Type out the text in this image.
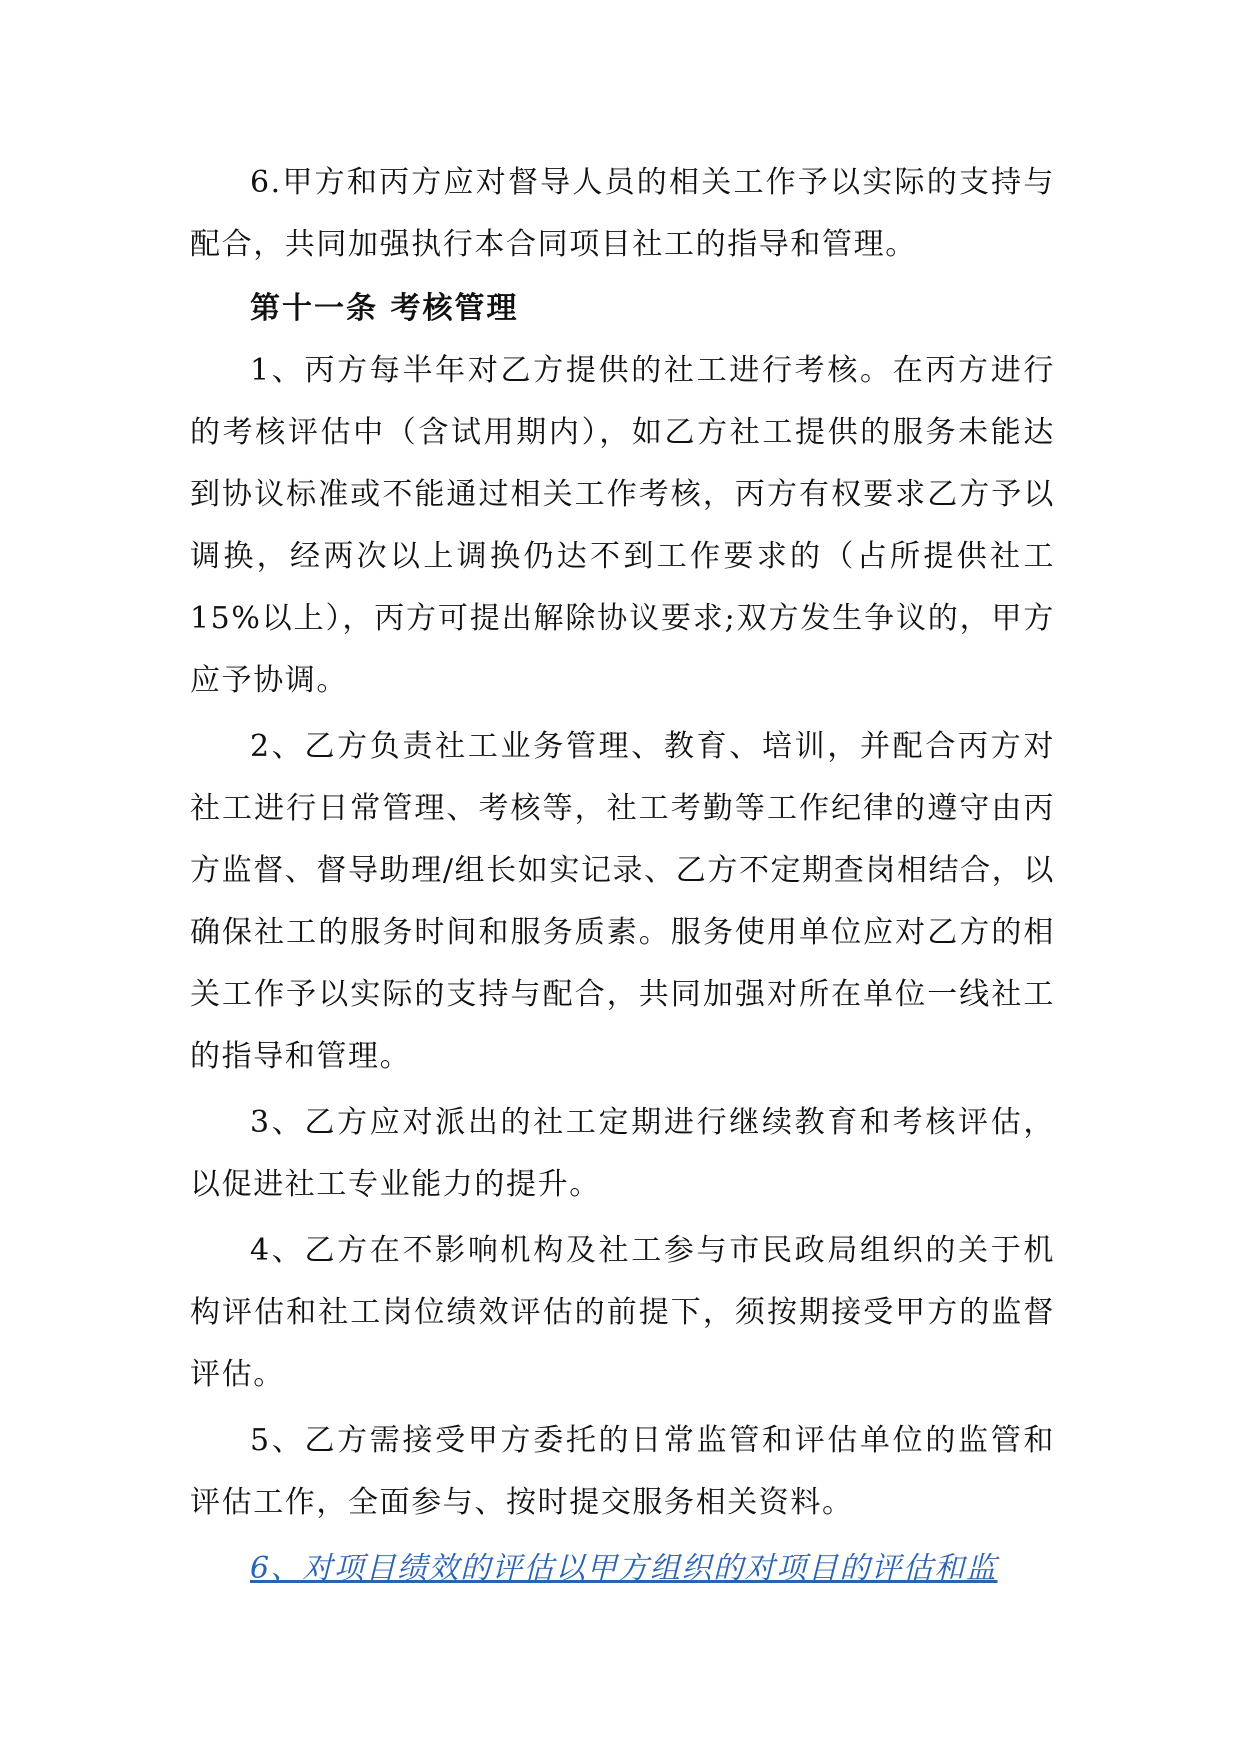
6.甲方和丙方应对督导人员的相关工作予以实际的支持与配合，共同加强执行本合同项目社工的指导和管理。

第十一条 考核管理

1、丙方每半年对乙方提供的社工进行考核。在丙方进行的考核评估中（含试用期内），如乙方社工提供的服务未能达到协议标准或不能通过相关工作考核，丙方有权要求乙方予以调换，经两次以上调换仍达不到工作要求的（占所提供社工 15%以上），丙方可提出解除协议要求;双方发生争议的，甲方应予协调。

2、乙方负责社工业务管理、教育、培训，并配合丙方对社工进行日常管理、考核等，社工考勤等工作纪律的遵守由丙方监督、督导助理/组长如实记录、乙方不定期查岗相结合，以确保社工的服务时间和服务质素。服务使用单位应对乙方的相关工作予以实际的支持与配合，共同加强对所在单位一线社工的指导和管理。

3、乙方应对派出的社工定期进行继续教育和考核评估，以促进社工专业能力的提升。

4、乙方在不影响机构及社工参与市民政局组织的关于机构评估和社工岗位绩效评估的前提下，须按期接受甲方的监督评估。

5、乙方需接受甲方委托的日常监管和评估单位的监管和评估工作，全面参与、按时提交服务相关资料。

6、对项目绩效的评估以甲方组织的对项目的评估和监
